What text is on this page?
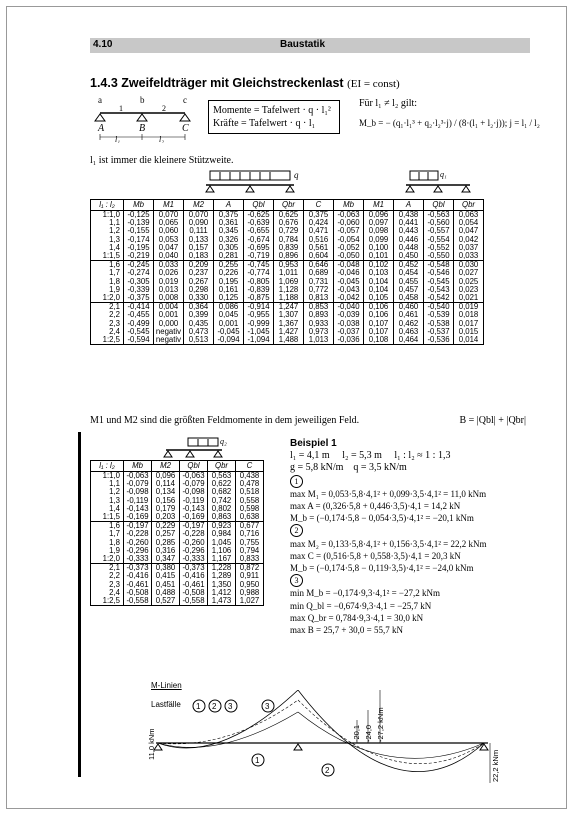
4.10	Baustatik
1.4.3 Zweifeldträger mit Gleichstreckenlast (EI = const)
a	b	c
1	2
A	B	C
l₁	l₂
Momente = Tafelwert · q · l₁²
Kräfte = Tafelwert · q · l₁
Für l₁ ≠ l₂ gilt:
M_b = − (q₁·l₁³ + q₂·l₂³·j) / (8·(l₁ + l₂·j)); j = l₁ / l₂
l₁ ist immer die kleinere Stützweite.
q	q₁
l₁ : l₂	Mb	M1	M2	A	Qbl	Qbr	C	Mb	M1	A	Qbl	Qbr
1:1,0	-0,125	0,070	0,070	0,375	-0,625	0,625	0,375	-0,063	0,096	0,438	-0,563	0,063
1,1	-0,139	0,065	0,090	0,361	-0,639	0,676	0,424	-0,060	0,097	0,441	-0,560	0,054
1,2	-0,155	0,060	0,111	0,345	-0,655	0,729	0,471	-0,057	0,098	0,443	-0,557	0,047
1,3	-0,174	0,053	0,133	0,326	-0,674	0,784	0,516	-0,054	0,099	0,446	-0,554	0,042
1,4	-0,195	0,047	0,157	0,305	-0,695	0,839	0,561	-0,052	0,100	0,448	-0,552	0,037
1:1,5	-0,219	0,040	0,183	0,281	-0,719	0,896	0,604	-0,050	0,101	0,450	-0,550	0,033
1,6	-0,245	0,033	0,209	0,255	-0,745	0,953	0,646	-0,048	0,102	0,452	-0,548	0,030
1,7	-0,274	0,026	0,237	0,226	-0,774	1,011	0,689	-0,046	0,103	0,454	-0,546	0,027
1,8	-0,305	0,019	0,267	0,195	-0,805	1,069	0,731	-0,045	0,104	0,455	-0,545	0,025
1,9	-0,339	0,013	0,298	0,161	-0,839	1,128	0,772	-0,043	0,104	0,457	-0,543	0,023
1:2,0	-0,375	0,008	0,330	0,125	-0,875	1,188	0,813	-0,042	0,105	0,458	-0,542	0,021
2,1	-0,414	0,004	0,364	0,086	-0,914	1,247	0,853	-0,040	0,106	0,460	-0,540	0,019
2,2	-0,455	0,001	0,399	0,045	-0,955	1,307	0,893	-0,039	0,106	0,461	-0,539	0,018
2,3	-0,499	0,000	0,435	0,001	-0,999	1,367	0,933	-0,038	0,107	0,462	-0,538	0,017
2,4	-0,545	negativ	0,473	-0,045	-1,045	1,427	0,973	-0,037	0,107	0,463	-0,537	0,015
1:2,5	-0,594	negativ	0,513	-0,094	-1,094	1,488	1,013	-0,036	0,108	0,464	-0,536	0,014
M1 und M2 sind die größten Feldmomente in dem jeweiligen Feld.	B = |Qbl| + |Qbr|
q₂
l₁ : l₂	Mb	M2	Qbl	Qbr	C
1:1,0	-0,063	0,096	-0,063	0,563	0,438
1,1	-0,079	0,114	-0,079	0,622	0,478
1,2	-0,098	0,134	-0,098	0,682	0,518
1,3	-0,119	0,156	-0,119	0,742	0,558
1,4	-0,143	0,179	-0,143	0,802	0,598
1:1,5	-0,169	0,203	-0,169	0,863	0,638
1,6	-0,197	0,229	-0,197	0,923	0,677
1,7	-0,228	0,257	-0,228	0,984	0,716
1,8	-0,260	0,285	-0,260	1,045	0,755
1,9	-0,296	0,316	-0,296	1,106	0,794
1:2,0	-0,333	0,347	-0,333	1,167	0,833
2,1	-0,373	0,380	-0,373	1,228	0,872
2,2	-0,416	0,415	-0,416	1,289	0,911
2,3	-0,461	0,451	-0,461	1,350	0,950
2,4	-0,508	0,488	-0,508	1,412	0,988
1:2,5	-0,558	0,527	-0,558	1,473	1,027
Beispiel 1
l₁ = 4,1 m l₂ = 5,3 m l₁ : l₂ ≈ 1 : 1,3
g = 5,8 kN/m q = 3,5 kN/m
1
max M₁ = 0,053·5,8·4,1² + 0,099·3,5·4,1² = 11,0 kNm
max A = (0,326·5,8 + 0,446·3,5)·4,1 = 14,2 kN
M_b = (−0,174·5,8 − 0,054·3,5)·4,1² = −20,1 kNm
2
max M₂ = 0,133·5,8·4,1² + 0,156·3,5·4,1² = 22,2 kNm
max C = (0,516·5,8 + 0,558·3,5)·4,1 = 20,3 kN
M_b = (−0,174·5,8 − 0,119·3,5)·4,1² = −24,0 kNm
3
min M_b = −0,174·9,3·4,1² = −27,2 kNm
min Q_bl = −0,674·9,3·4,1 = −25,7 kN
max Q_br = 0,784·9,3·4,1 = 30,0 kN
max B = 25,7 + 30,0 = 55,7 kN
M-Linien
Lastfälle 1 2 3	3
1
2
-20,1 -24,0 -27,2 kNm
11,0 kNm
22,2 kNm
